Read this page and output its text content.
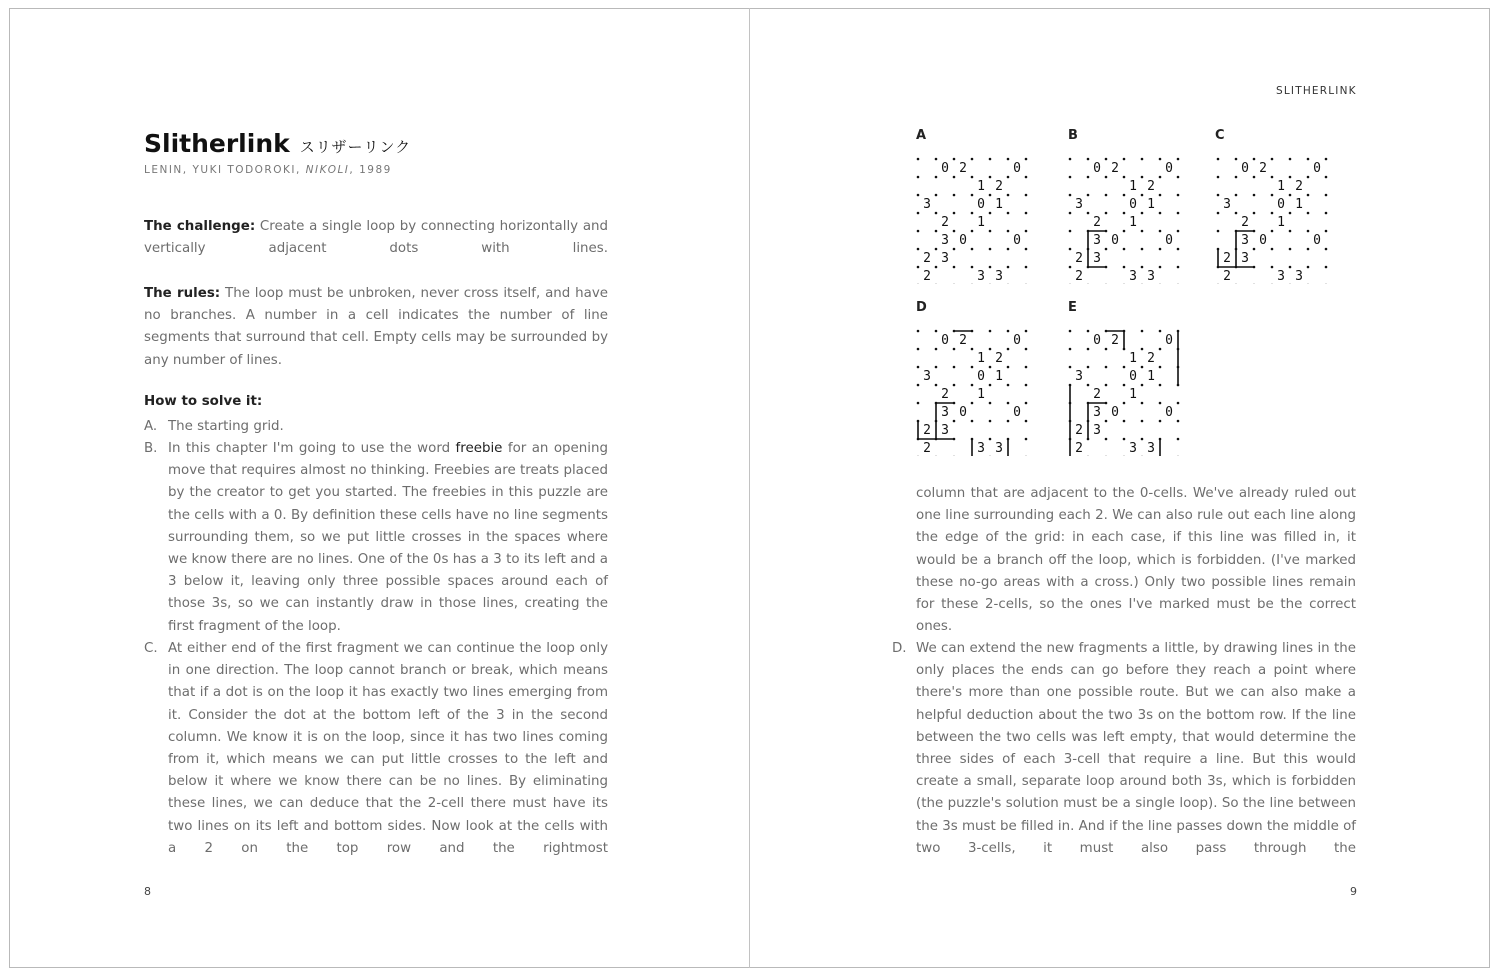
Slitherlink スリザーリンク
LENIN, YUKI TODOROKI, NIKOLI, 1989

The challenge: Create a single loop by connecting horizontally and vertically adjacent dots with lines.

The rules: The loop must be unbroken, never cross itself, and have no branches. A number in a cell indicates the number of line segments that surround that cell. Empty cells may be surrounded by any number of lines.

How to solve it:
A. The starting grid.
B. In this chapter I'm going to use the word freebie for an opening move that requires almost no thinking. Freebies are treats placed by the creator to get you started. The freebies in this puzzle are the cells with a 0. By definition these cells have no line segments surrounding them, so we put little crosses in the spaces where we know there are no lines. One of the 0s has a 3 to its left and a 3 below it, leaving only three possible spaces around each of those 3s, so we can instantly draw in those lines, creating the first fragment of the loop.
C. At either end of the first fragment we can continue the loop only in one direction. The loop cannot branch or break, which means that if a dot is on the loop it has exactly two lines emerging from it. Consider the dot at the bottom left of the 3 in the second column. We know it is on the loop, since it has two lines coming from it, which means we can put little crosses to the left and below it where we know there can be no lines. By eliminating these lines, we can deduce that the 2-cell there must have its two lines on its left and bottom sides. Now look at the cells with a 2 on the top row and the rightmost
8
SLITHERLINK
A	B	C
D	E
0 2	0
1 2
3	0 1
2 1
3 0	0
2 3
2	3 3
0 2	0
1 2
3	0 1
2 1
3 0	0
2 3
2	3 3
0 2	0
1 2
3	0 1
2 1
3 0	0
2 3
2	3 3
0 2	0
1 2
3	0 1
2 1
3 0	0
2 3
2	3 3
0 2	0
1 2
3	0 1
2 1
3 0	0
2 3
2	3 3

column that are adjacent to the 0-cells. We've already ruled out one line surrounding each 2. We can also rule out each line along the edge of the grid: in each case, if this line was filled in, it would be a branch off the loop, which is forbidden. (I've marked these no-go areas with a cross.) Only two possible lines remain for these 2-cells, so the ones I've marked must be the correct ones.

D. We can extend the new fragments a little, by drawing lines in the only places the ends can go before they reach a point where there's more than one possible route. But we can also make a helpful deduction about the two 3s on the bottom row. If the line between the two cells was left empty, that would determine the three sides of each 3-cell that require a line. But this would create a small, separate loop around both 3s, which is forbidden (the puzzle's solution must be a single loop). So the line between the 3s must be filled in. And if the line passes down the middle of two 3-cells, it must also pass through the
9
